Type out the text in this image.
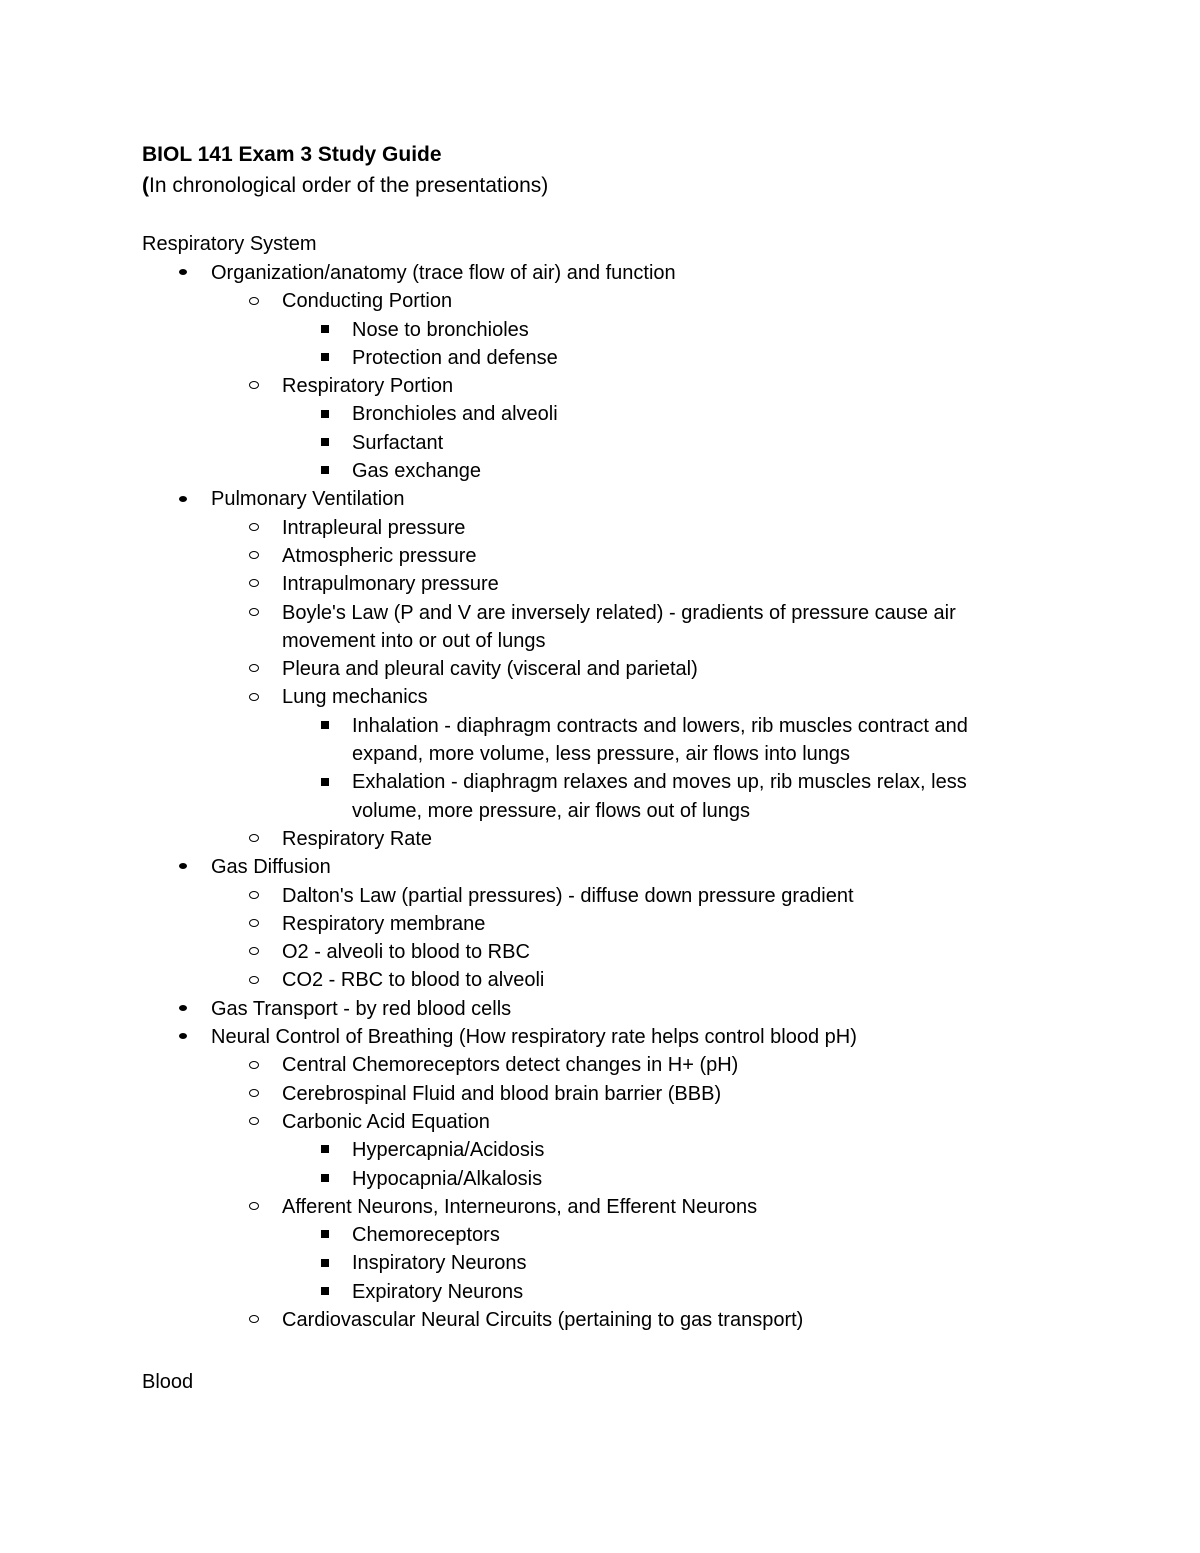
BIOL 141 Exam 3 Study Guide
(In chronological order of the presentations)
Respiratory System
Organization/anatomy (trace flow of air) and function
Conducting Portion
Nose to bronchioles
Protection and defense
Respiratory Portion
Bronchioles and alveoli
Surfactant
Gas exchange
Pulmonary Ventilation
Intrapleural pressure
Atmospheric pressure
Intrapulmonary pressure
Boyle's Law (P and V are inversely related) - gradients of pressure cause air movement into or out of lungs
Pleura and pleural cavity (visceral and parietal)
Lung mechanics
Inhalation - diaphragm contracts and lowers, rib muscles contract and expand, more volume, less pressure, air flows into lungs
Exhalation - diaphragm relaxes and moves up, rib muscles relax, less volume, more pressure, air flows out of lungs
Respiratory Rate
Gas Diffusion
Dalton's Law (partial pressures) - diffuse down pressure gradient
Respiratory membrane
O2 - alveoli to blood to RBC
CO2 - RBC to blood to alveoli
Gas Transport - by red blood cells
Neural Control of Breathing (How respiratory rate helps control blood pH)
Central Chemoreceptors detect changes in H+ (pH)
Cerebrospinal Fluid and blood brain barrier (BBB)
Carbonic Acid Equation
Hypercapnia/Acidosis
Hypocapnia/Alkalosis
Afferent Neurons, Interneurons, and Efferent Neurons
Chemoreceptors
Inspiratory Neurons
Expiratory Neurons
Cardiovascular Neural Circuits (pertaining to gas transport)
Blood
